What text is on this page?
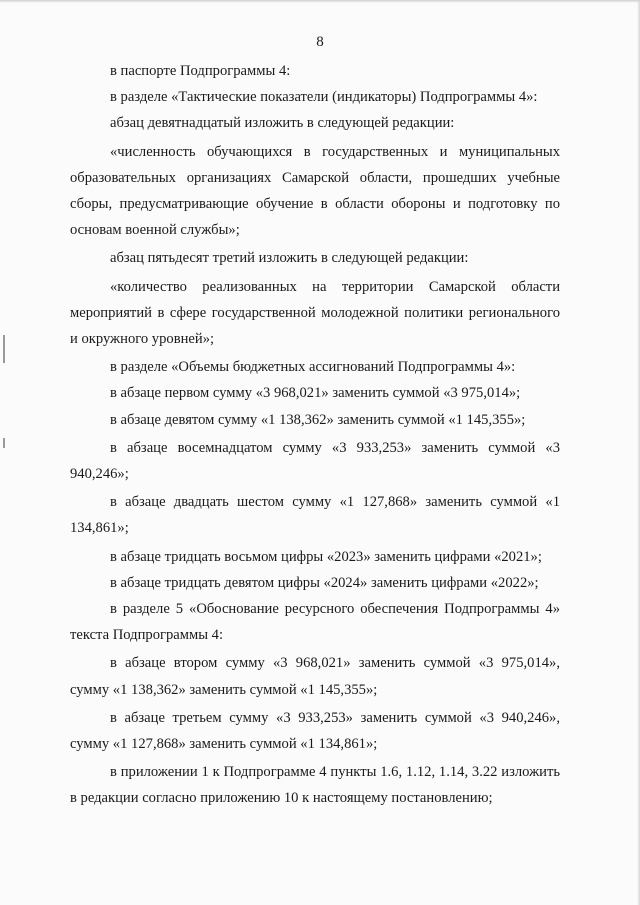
8

в паспорте Подпрограммы 4:

в разделе «Тактические показатели (индикаторы) Подпрограммы 4»:

абзац девятнадцатый изложить в следующей редакции:

«численность обучающихся в государственных и муниципальных образовательных организациях Самарской области, прошедших учебные сборы, предусматривающие обучение в области обороны и подготовку по основам военной службы»;

абзац пятьдесят третий изложить в следующей редакции:

«количество реализованных на территории Самарской области мероприятий в сфере государственной молодежной политики регионального и окружного уровней»;

в разделе «Объемы бюджетных ассигнований Подпрограммы 4»:

в абзаце первом сумму «3 968,021» заменить суммой «3 975,014»;

в абзаце девятом сумму «1 138,362» заменить суммой «1 145,355»;

в абзаце восемнадцатом сумму «3 933,253» заменить суммой «3 940,246»;

в абзаце двадцать шестом сумму «1 127,868» заменить суммой «1 134,861»;

в абзаце тридцать восьмом цифры «2023» заменить цифрами «2021»;

в абзаце тридцать девятом цифры «2024» заменить цифрами «2022»;

в разделе 5 «Обоснование ресурсного обеспечения Подпрограммы 4» текста Подпрограммы 4:

в абзаце втором сумму «3 968,021» заменить суммой «3 975,014», сумму «1 138,362» заменить суммой «1 145,355»;

в абзаце третьем сумму «3 933,253» заменить суммой «3 940,246», сумму «1 127,868» заменить суммой «1 134,861»;

в приложении 1 к Подпрограмме 4 пункты 1.6, 1.12, 1.14, 3.22 изложить в редакции согласно приложению 10 к настоящему постановлению;
